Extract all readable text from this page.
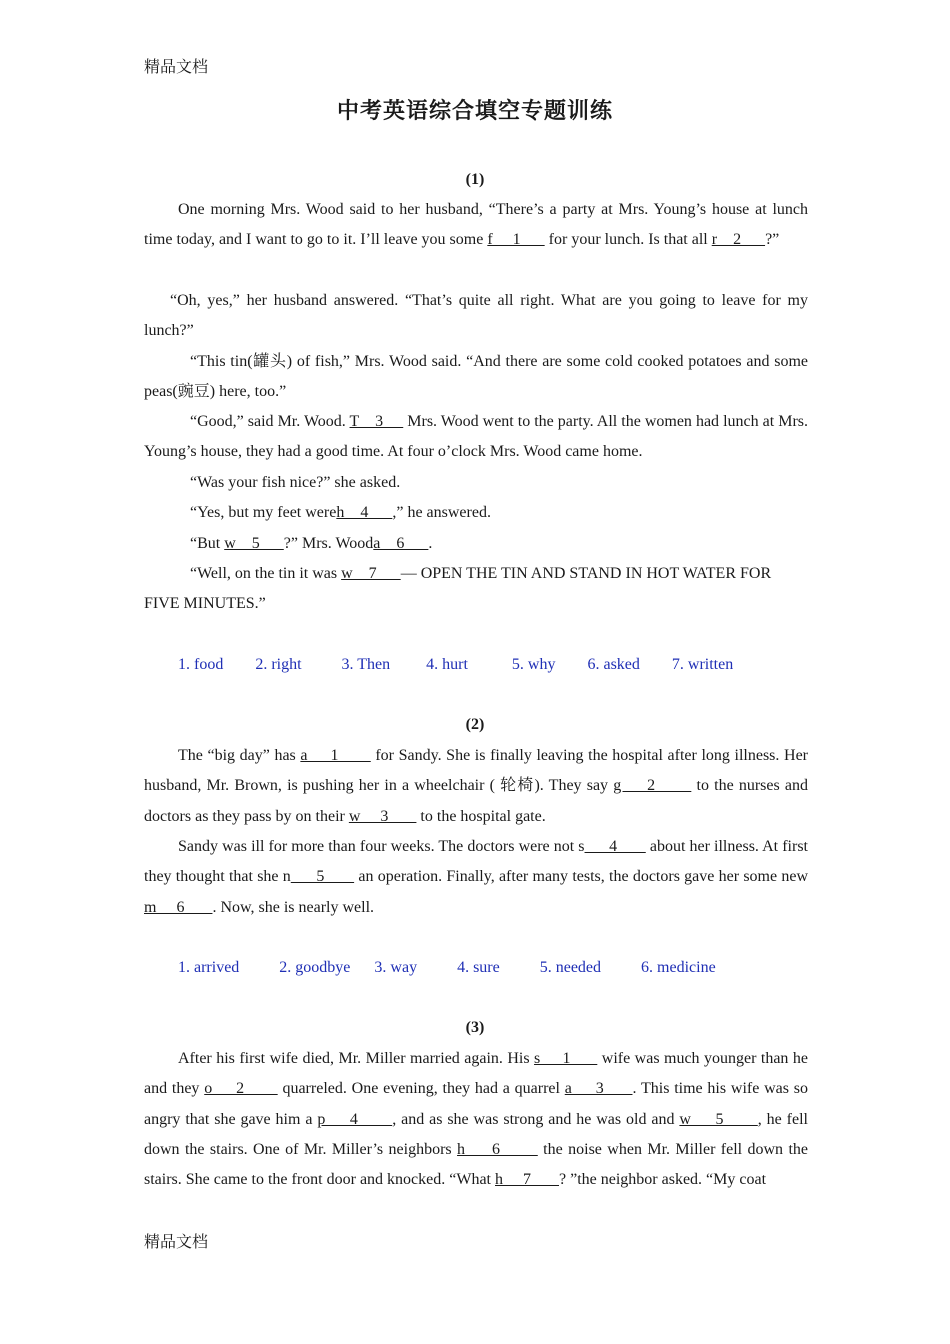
精品文档
中考英语综合填空专题训练
(1)
One morning Mrs. Wood said to her husband, “There’s a party at Mrs. Young’s house at lunch time today, and I want to go to it. I’ll leave you some f     1       for your lunch. Is that all r    2      ?”
“Oh, yes,” her husband answered. “That’s quite all right. What are you going to leave for my lunch?”
“This tin(罐头) of fish,” Mrs. Wood said. “And there are some cold cooked potatoes and some peas(豌豆) here, too.”
“Good,” said Mr. Wood. T    3      Mrs. Wood went to the party. All the women had lunch at Mrs. Young’s house, they had a good time. At four o’clock Mrs. Wood came home.
“Was your fish nice?” she asked.
“Yes, but my feet wereh    4      ,” he answered.
“But w    5      ?” Mrs. Wooda    6      .
“Well, on the tin it was w    7      — OPEN THE TIN AND STAND IN HOT WATER FOR FIVE MINUTES.”
1. food        2. right          3. Then         4. hurt           5. why        6. asked        7. written
(2)
The “big day” has a     1        for Sandy. She is finally leaving the hospital after long illness. Her husband, Mr. Brown, is pushing her in a wheelchair ( 轮椅). They say g     2        to the nurses and doctors as they pass by on their w     3        to the hospital gate.
Sandy was ill for more than four weeks. The doctors were not s      4        about her illness. At first they thought that she n      5        an operation. Finally, after many tests, the doctors gave her some new m     6       . Now, she is nearly well.
1. arrived          2. goodbye      3. way          4. sure          5. needed          6. medicine
(3)
After his first wife died, Mr. Miller married again. His s     1       wife was much younger than he and they o     2        quarreled. One evening, they had a quarrel a     3      . This time his wife was so angry that she gave him a p     4       , and as she was strong and he was old and w     5       , he fell down the stairs. One of Mr. Miller’s neighbors h     6        the noise when Mr. Miller fell down the stairs. She came to the front door and knocked. “What h     7       ? ”the neighbor asked. “My coat
精品文档
